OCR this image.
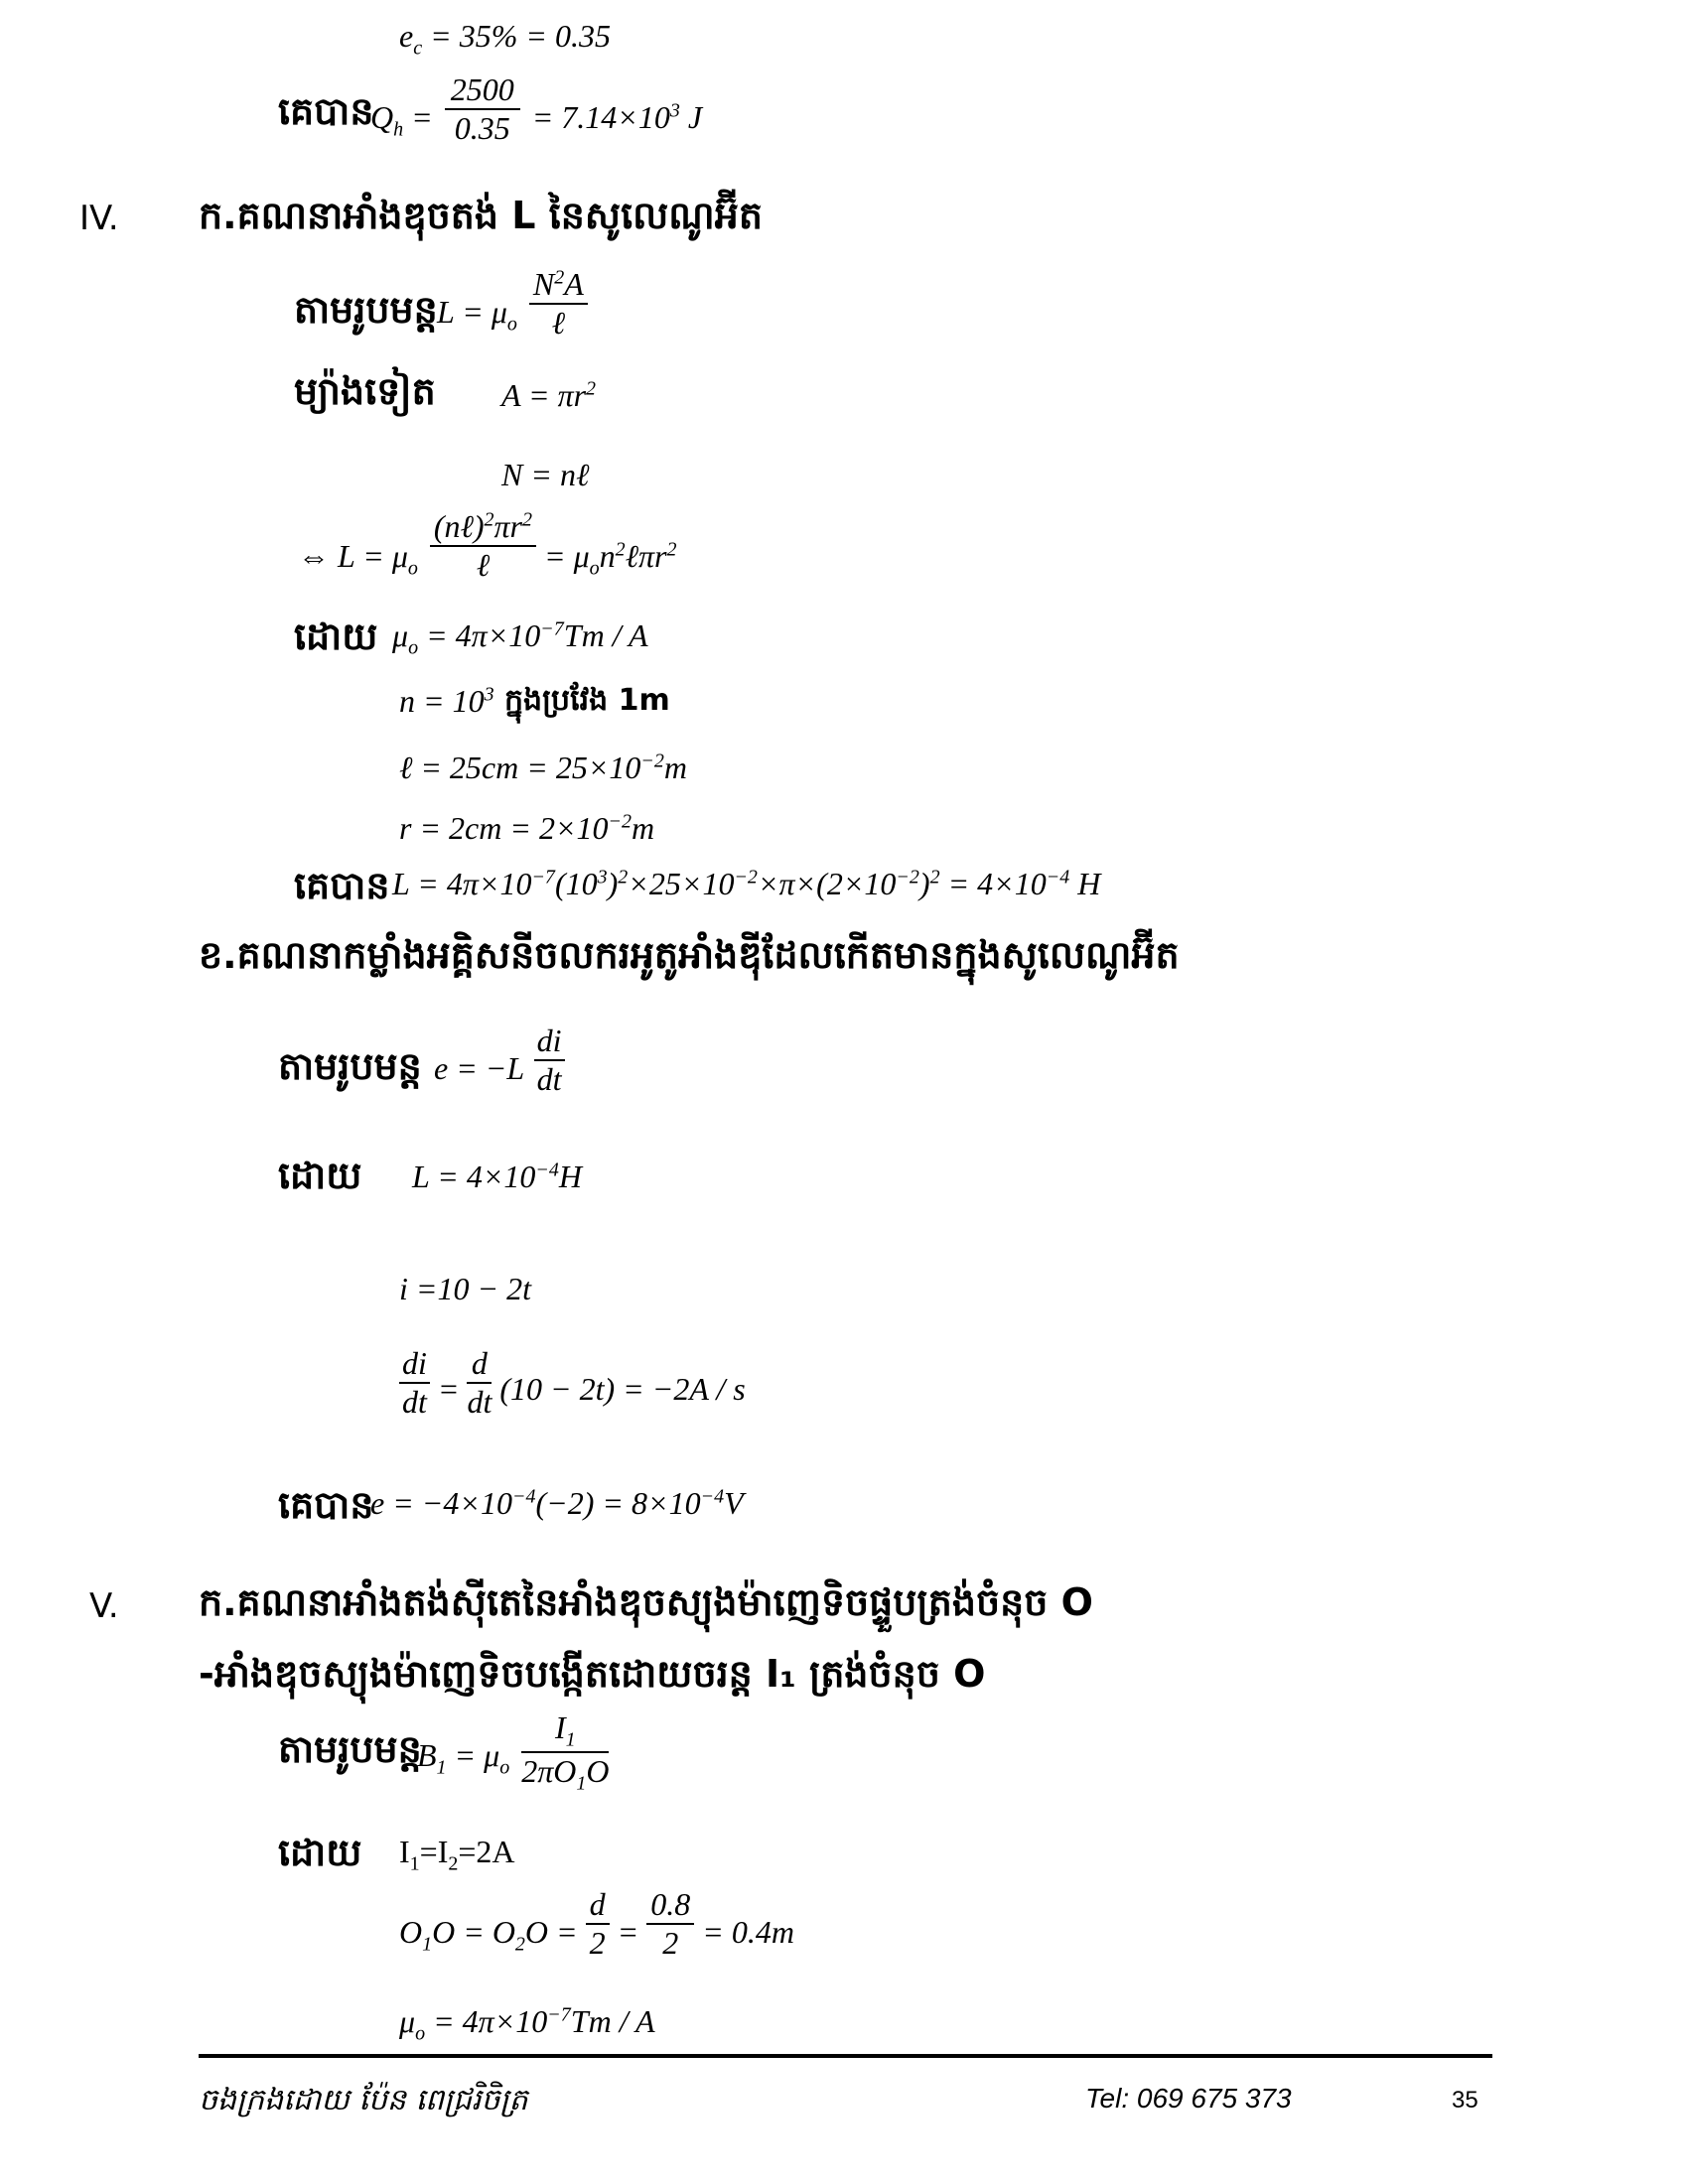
$e_c = 35\% = 0.35$
គេបាន
$Q_h = \frac{2500}{0.35} = 7.14\times 10^3$ J
IV. ក.គណនាអាំងឌុចតង់ L នៃសូលេណូអ៊ីត
តាមរូបមន្ត $L = \mu_o$
$N^2A$
ℓ
ម្យ៉ាងទៀត $A = \pi r^2$
N = nℓ
⇔ $L = \mu_o$
$(n\ell)^2\pi r^2$
ℓ	= $\mu_on^2\ell\pi r^2$
ដោយ $\mu_o = 4\pi\times 10^{-7}Tm / A$
$n = 10^3$ ក្នុងប្រវែង 1m
ℓ = $25cm = 25\times 10^{-2}m$
$r = 2cm = 2\times 10^{-2}m$
គេបាន $L = 4\pi\times 10^{-7}(10^3)^2\times 25\times 10^{-2}\times\pi\times(2\times 10^{-2})^2 = 4\times 10^{-4}$ H
ខ.គណនាកម្លាំងអគ្គិសនីចលករអូតូអាំងឌ៉ីដែលកើតមានក្នុងសូលេណូអ៊ីត
តាមរូបមន្ត $e = -L \frac{di}{dt}$
ដោយ $L = 4\times 10^{-4}H$
i =10 − 2t
$\frac{di}{dt} = \frac{d}{dt} (10 - 2t) = -2A / s$
គេបាន
$e = -4\times 10^{-4}(-2) = 8\times 10^{-4}V$
V. ក.គណនាអាំងតង់ស៊ីតេនៃអាំងឌុចស្យុងម៉ាញេទិចផ្ទួបត្រង់ចំនុច O
-អាំងឌុចស្យុងម៉ាញេទិចបង្កើតដោយចរន្ត I₁ ត្រង់ចំនុច O
តាមរូបមន្ត
$B_1 = \mu_o \frac{I_1}{2\pi O_1O}$
ដោយ $I_1=I_2=2A$
$O_1O = O_2O = \frac{d}{2} = \frac{0.8}{2} = 0.4m$
$\mu_o = 4\pi\times 10^{-7}Tm / A$
ចងក្រងដោយ ប៉ែន ពេជ្ររិចិត្រ	Tel: 069 675 373	35
